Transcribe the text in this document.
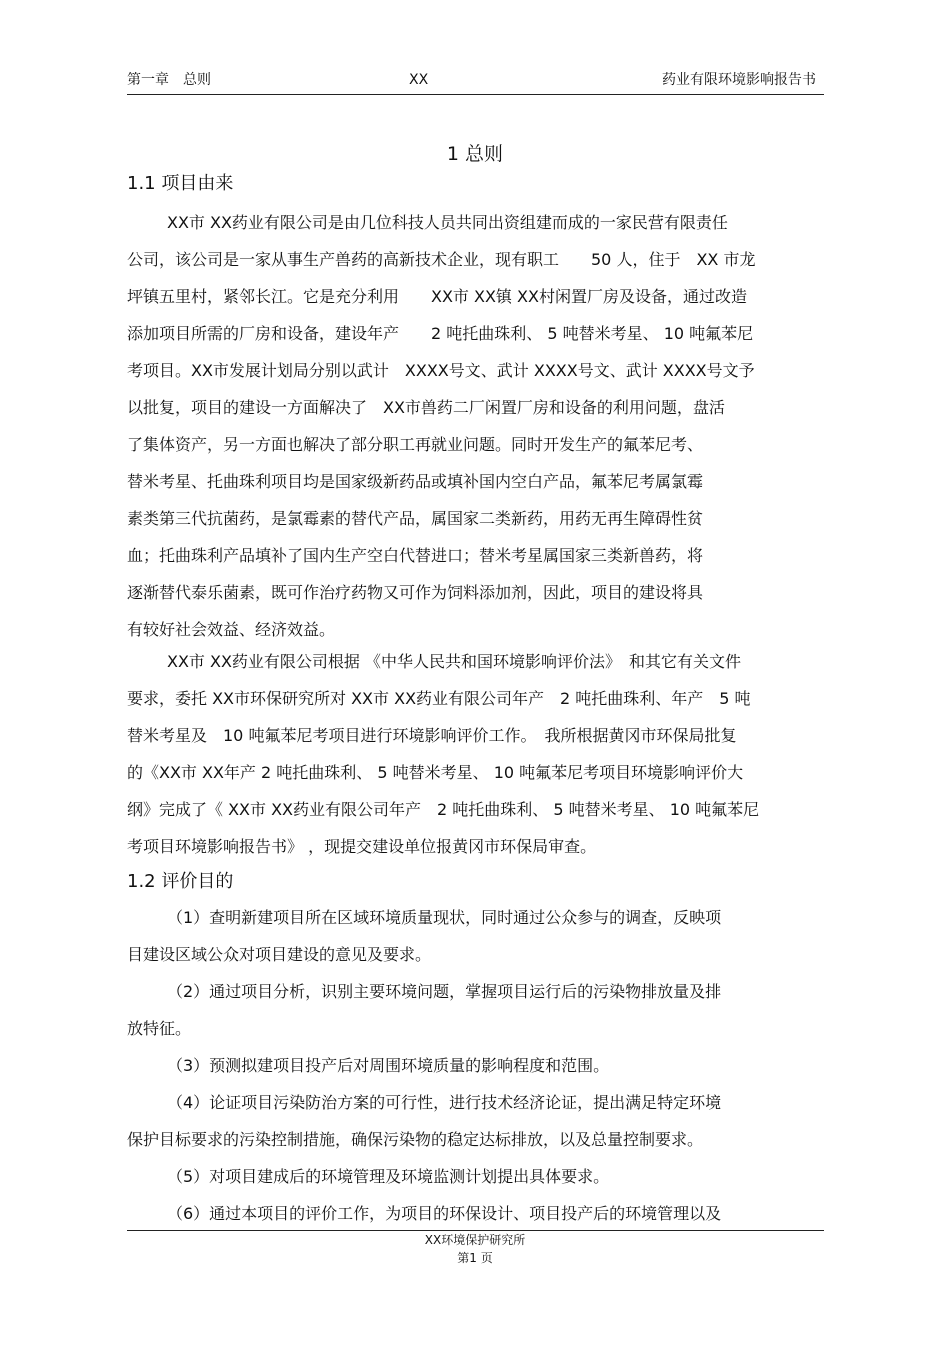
第一章　总则	XX	药业有限环境影响报告书
1 总则
1.1 项目由来
XX市 XX药业有限公司是由几位科技人员共同出资组建而成的一家民营有限责任
公司，该公司是一家从事生产兽药的高新技术企业，现有职工　　50 人，住于　XX 市龙
坪镇五里村，紧邻长江。它是充分利用　　XX市 XX镇 XX村闲置厂房及设备，通过改造
添加项目所需的厂房和设备，建设年产　　2 吨托曲珠利、 5 吨替米考星、 10 吨氟苯尼
考项目。XX市发展计划局分别以武计　XXXX号文、武计 XXXX号文、武计 XXXX号文予
以批复，项目的建设一方面解决了　XX市兽药二厂闲置厂房和设备的利用问题，盘活
了集体资产，另一方面也解决了部分职工再就业问题。同时开发生产的氟苯尼考、
替米考星、托曲珠利项目均是国家级新药品或填补国内空白产品，氟苯尼考属氯霉
素类第三代抗菌药，是氯霉素的替代产品，属国家二类新药，用药无再生障碍性贫
血；托曲珠利产品填补了国内生产空白代替进口；替米考星属国家三类新兽药，将
逐渐替代泰乐菌素，既可作治疗药物又可作为饲料添加剂，因此，项目的建设将具
有较好社会效益、经济效益。
XX市 XX药业有限公司根据 《中华人民共和国环境影响评价法》　和其它有关文件
要求，委托 XX市环保研究所对 XX市 XX药业有限公司年产　2 吨托曲珠利、年产　5 吨
替米考星及　10 吨氟苯尼考项目进行环境影响评价工作。　我所根据黄冈市环保局批复
的《XX市 XX年产 2 吨托曲珠利、 5 吨替米考星、 10 吨氟苯尼考项目环境影响评价大
纲》完成了《 XX市 XX药业有限公司年产　2 吨托曲珠利、 5 吨替米考星、 10 吨氟苯尼
考项目环境影响报告书》 ，现提交建设单位报黄冈市环保局审查。
1.2 评价目的
（1）查明新建项目所在区域环境质量现状，同时通过公众参与的调查，反映项
目建设区域公众对项目建设的意见及要求。
（2）通过项目分析，识别主要环境问题，掌握项目运行后的污染物排放量及排
放特征。
（3）预测拟建项目投产后对周围环境质量的影响程度和范围。
（4）论证项目污染防治方案的可行性，进行技术经济论证，提出满足特定环境
保护目标要求的污染控制措施，确保污染物的稳定达标排放，以及总量控制要求。
（5）对项目建成后的环境管理及环境监测计划提出具体要求。
（6）通过本项目的评价工作，为项目的环保设计、项目投产后的环境管理以及
XX环境保护研究所
第1 页
